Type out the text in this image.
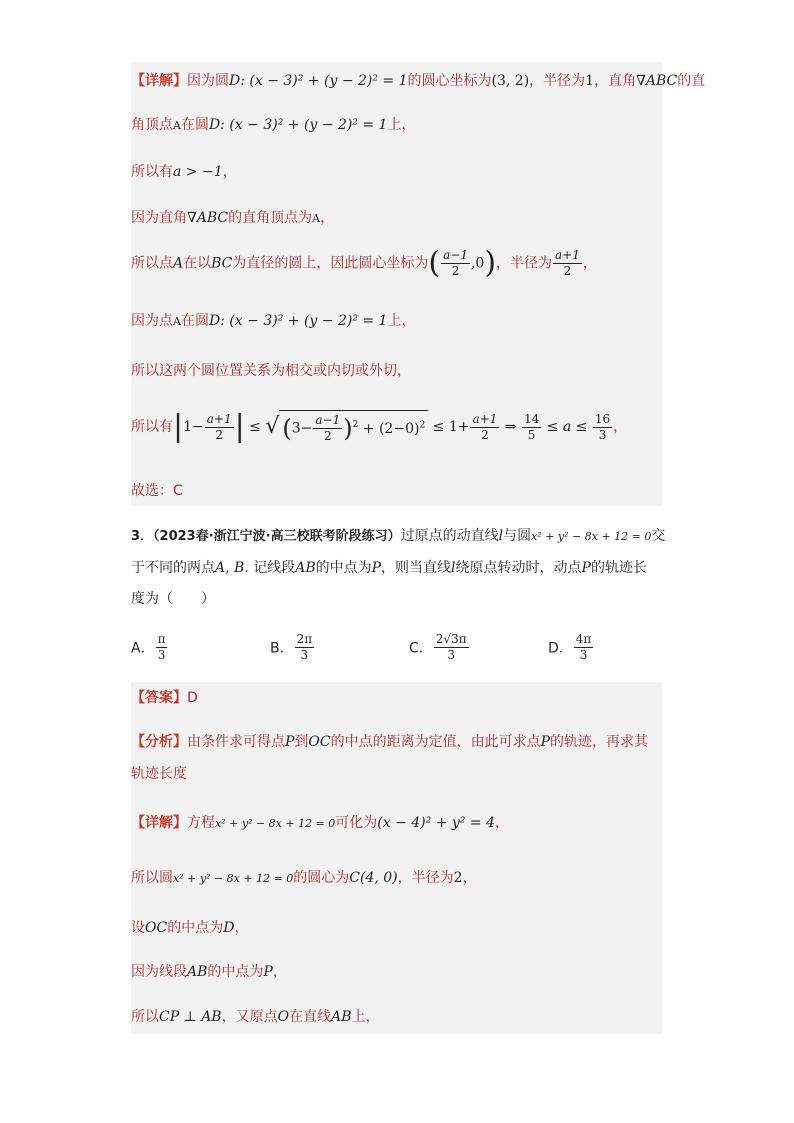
【详解】因为圆D: (x − 3)² + (y − 2)² = 1的圆心坐标为(3, 2)，半径为1，直角∇ABC的直
角顶点A在圆D: (x − 3)² + (y − 2)² = 1上，
所以有a > −1，
因为直角∇ABC的直角顶点为A，
所以点A在以BC为直径的圆上，因此圆心坐标为( $\frac{a-1}{2} ,0$)，半径为 $\frac{a+1}{2}$ ，
因为点A在圆D: (x − 3)² + (y − 2)² = 1上，
所以这两个圆位置关系为相交或内切或外切，
所以有$|1- \frac{a+1}{2}$ | ≤ √ $(3- \frac{a-1}{2} )^2 + (2-0)^2 \le 1+ \frac{a+1}{2}$ ⇒ $\frac{14}{5} \le a \le \frac{16}{3}$ ，
故选：C
3．（2023春·浙江宁波·高三校联考阶段练习）过原点的动直线l与圆x² + y² − 8x + 12 = 0交
于不同的两点A, B. 记线段AB的中点为P，则当直线l绕原点转动时，动点P的轨迹长
度为（　　）
A． $\frac{\pi}{3}$	B． $\frac{2\pi}{3}$	C． $\frac{2√3\pi}{3}$	D． $\frac{4\pi}{3}$
【答案】D
【分析】由条件求可得点P到OC的中点的距离为定值，由此可求点P的轨迹，再求其
轨迹长度
【详解】方程x² + y² − 8x + 12 = 0可化为(x − 4)² + y² = 4，
所以圆x² + y² − 8x + 12 = 0的圆心为C(4, 0)，半径为2，
设OC的中点为D，
因为线段AB的中点为P，
所以CP ⊥ AB，又原点O在直线AB上，
